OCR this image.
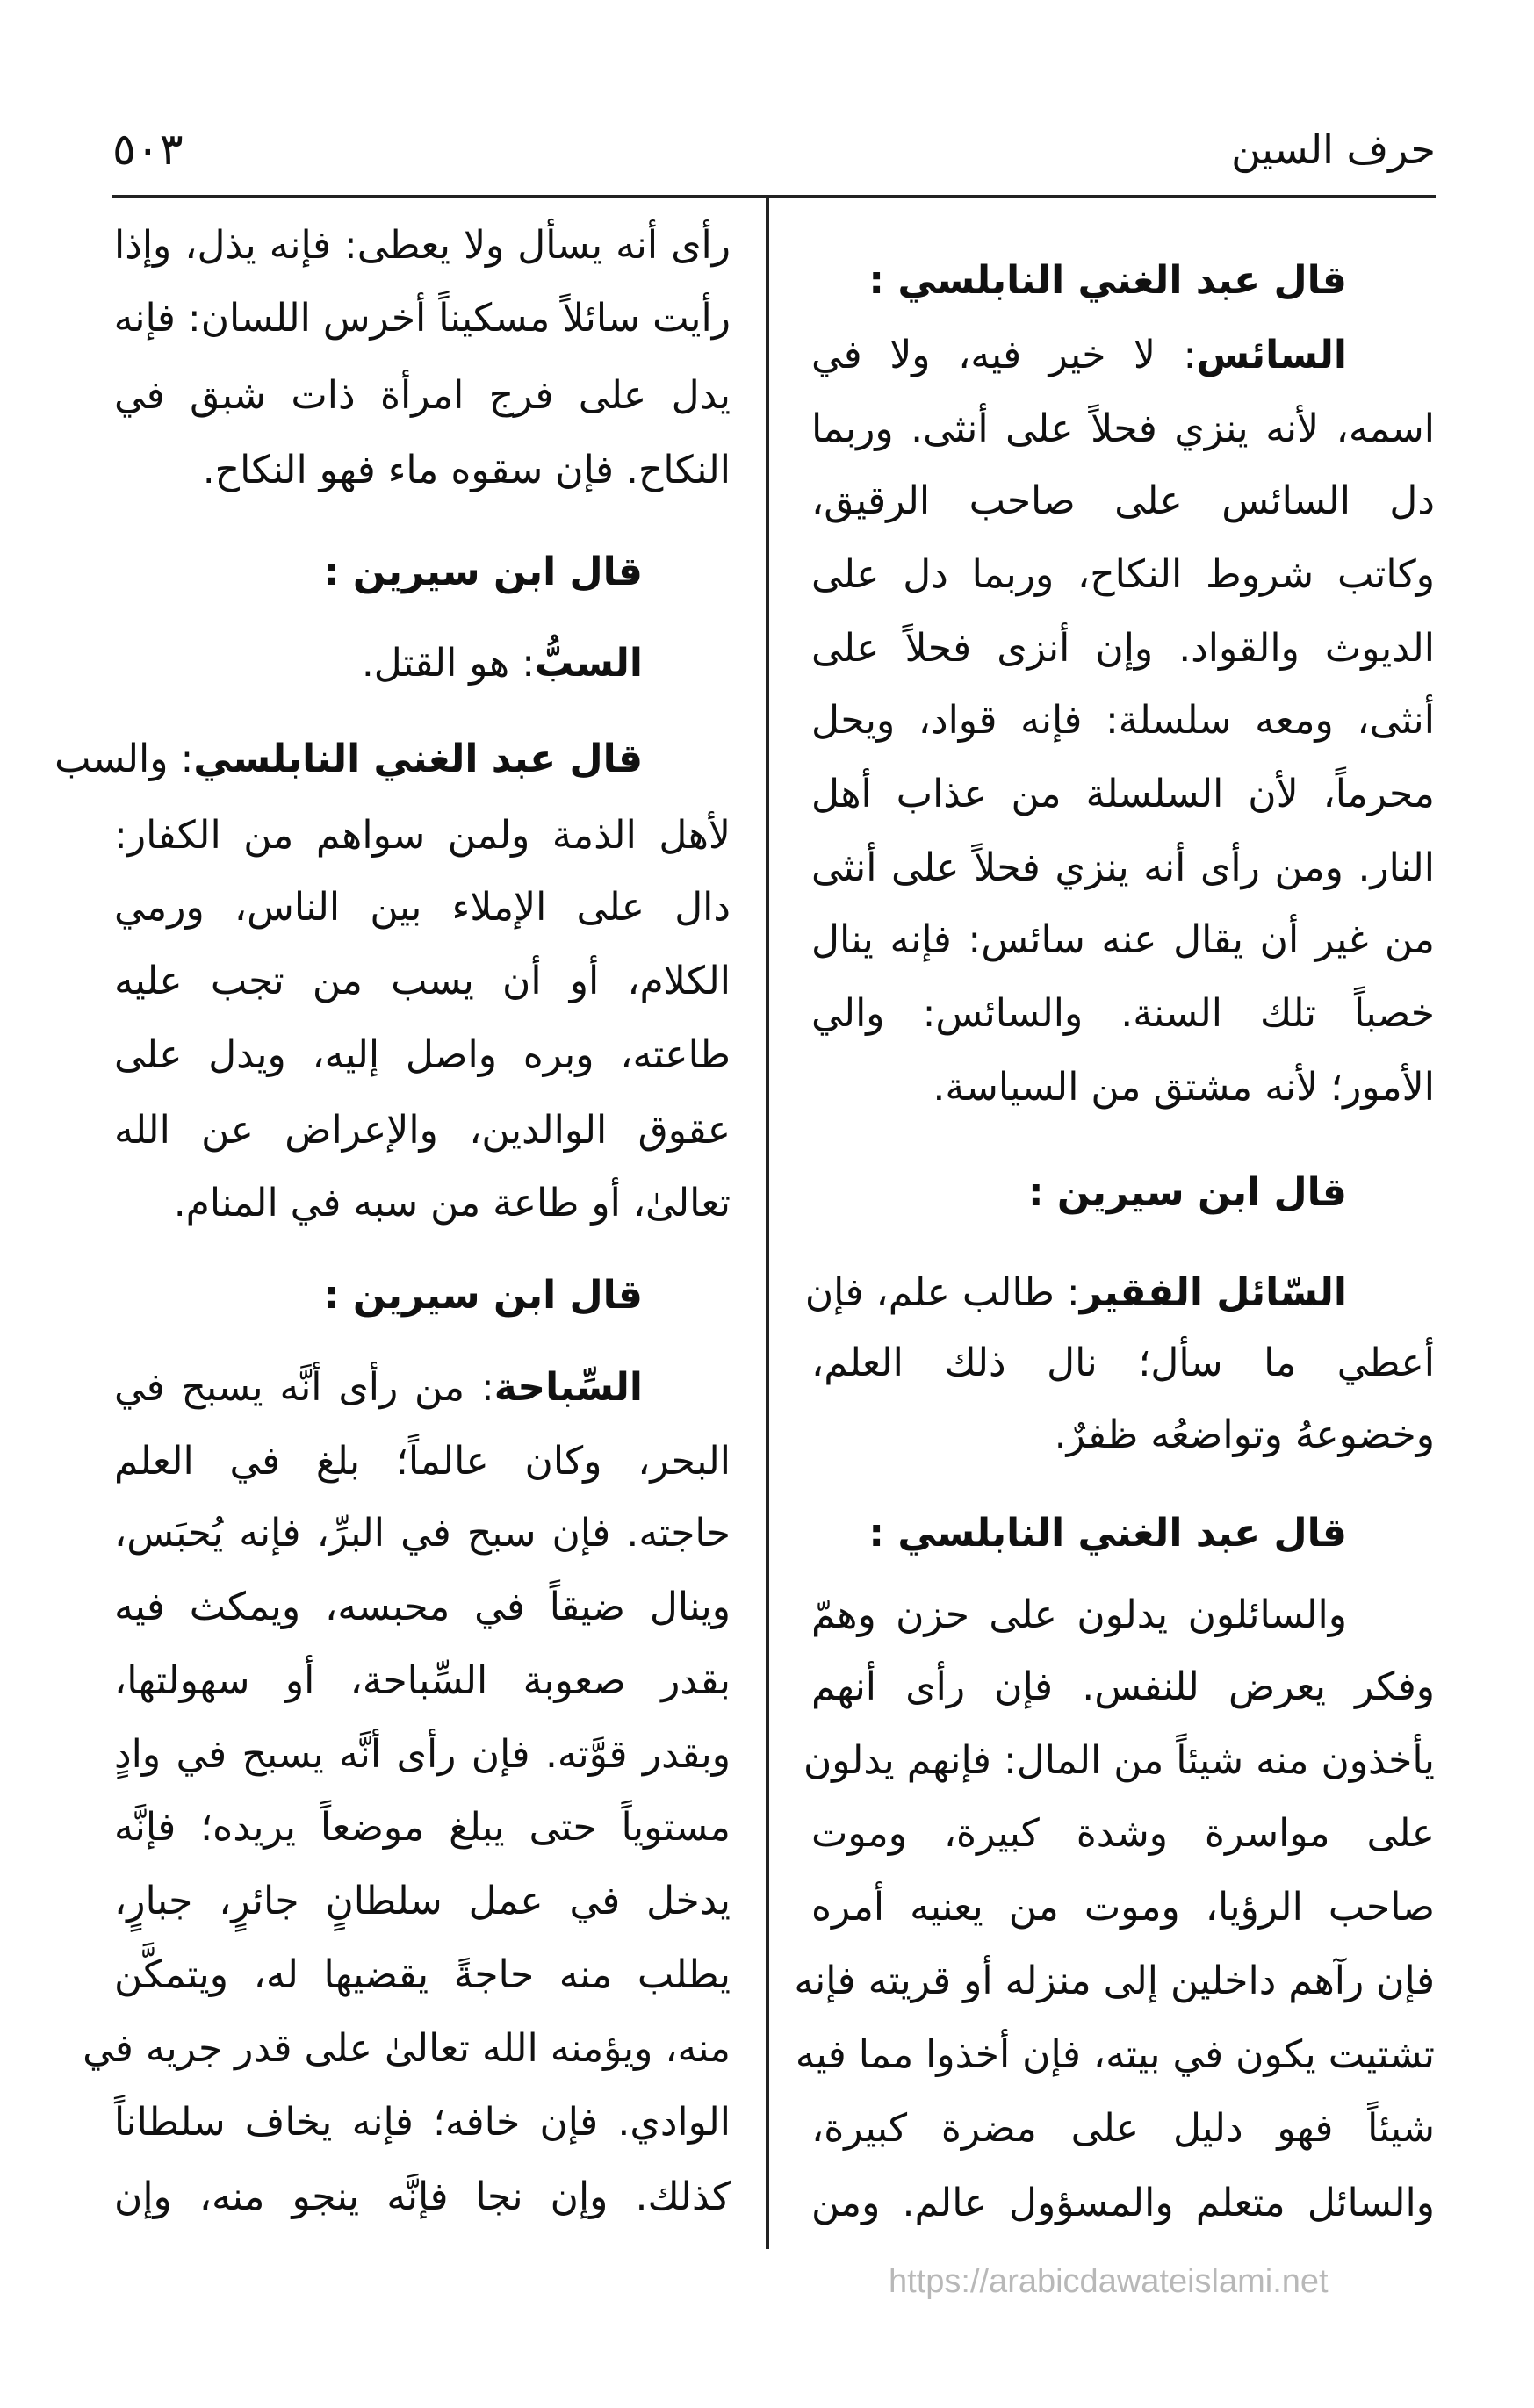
حرف السين
٥٠٣
قال عبد الغني النابلسي :
السائس: لا خير فيه، ولا في
اسمه، لأنه ينزي فحلاً على أنثى. وربما
دل السائس على صاحب الرقيق،
وكاتب شروط النكاح، وربما دل على
الديوث والقواد. وإن أنزى فحلاً على
أنثى، ومعه سلسلة: فإنه قواد، ويحل
محرماً، لأن السلسلة من عذاب أهل
النار. ومن رأى أنه ينزي فحلاً على أنثى
من غير أن يقال عنه سائس: فإنه ينال
خصباً تلك السنة. والسائس: والي
الأمور؛ لأنه مشتق من السياسة.
قال ابن سيرين :
السّائل الفقير: طالب علم، فإن
أعطي ما سأل؛ نال ذلك العلم،
وخضوعهُ وتواضعُه ظفرٌ.
قال عبد الغني النابلسي :
والسائلون يدلون على حزن وهمّ
وفكر يعرض للنفس. فإن رأى أنهم
يأخذون منه شيئاً من المال: فإنهم يدلون
على مواسرة وشدة كبيرة، وموت
صاحب الرؤيا، وموت من يعنيه أمره
فإن رآهم داخلين إلى منزله أو قريته فإنه
تشتيت يكون في بيته، فإن أخذوا مما فيه
شيئاً فهو دليل على مضرة كبيرة،
والسائل متعلم والمسؤول عالم. ومن
رأى أنه يسأل ولا يعطى: فإنه يذل، وإذا
رأيت سائلاً مسكيناً أخرس اللسان: فإنه
يدل على فرج امرأة ذات شبق في
النكاح. فإن سقوه ماء فهو النكاح.
قال ابن سيرين :
السبُّ: هو القتل.
قال عبد الغني النابلسي: والسب
لأهل الذمة ولمن سواهم من الكفار:
دال على الإملاء بين الناس، ورمي
الكلام، أو أن يسب من تجب عليه
طاعته، وبره واصل إليه، ويدل على
عقوق الوالدين، والإعراض عن الله
تعالىٰ، أو طاعة من سبه في المنام.
قال ابن سيرين :
السِّباحة: من رأى أنَّه يسبح في
البحر، وكان عالماً؛ بلغ في العلم
حاجته. فإن سبح في البرِّ، فإنه يُحبَس،
وينال ضيقاً في محبسه، ويمكث فيه
بقدر صعوبة السِّباحة، أو سهولتها،
وبقدر قوَّته. فإن رأى أنَّه يسبح في وادٍ
مستوياً حتى يبلغ موضعاً يريده؛ فإنَّه
يدخل في عمل سلطانٍ جائرٍ، جبارٍ،
يطلب منه حاجةً يقضيها له، ويتمكَّن
منه، ويؤمنه الله تعالىٰ على قدر جريه في
الوادي. فإن خافه؛ فإنه يخاف سلطاناً
كذلك. وإن نجا فإنَّه ينجو منه، وإن
https://arabicdawateislami.net
